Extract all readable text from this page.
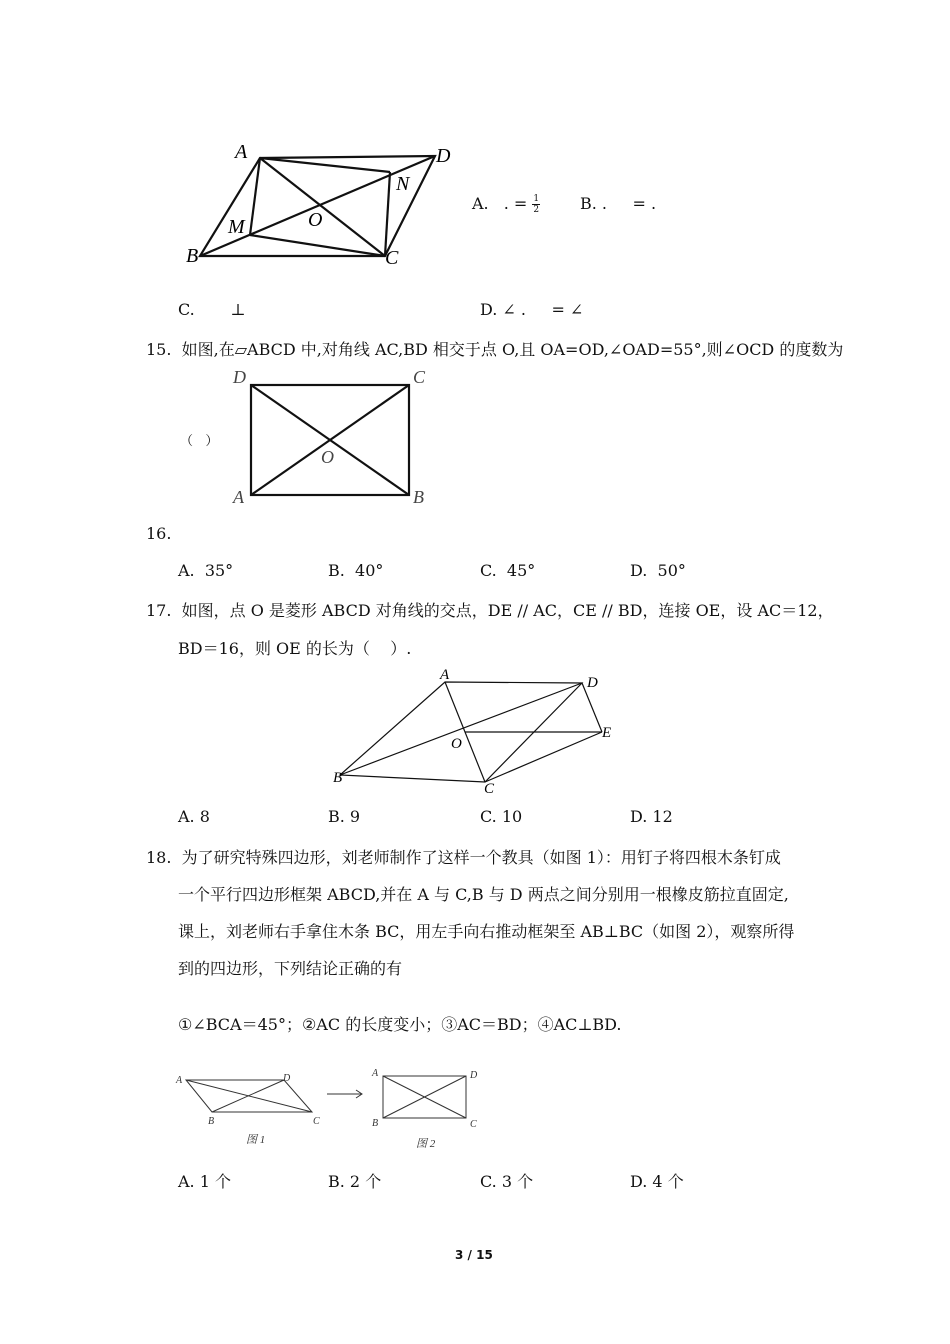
A	D
N
O
M
B	C
A. . = $\frac{1}{2} B$. .     = .
C.       ⊥	D. ∠ .     = ∠
15.  如图,在▱ABCD 中,对角线 AC,BD 相交于点 O,且 OA=OD,∠OAD=55°,则∠OCD 的度数为
（   ）
D	C
O
A	B
16.
A.  35°	B.  40°	C.  45°	D.  50°
17.  如图，点 O 是菱形 ABCD 对角线的交点，DE // AC，CE // BD，连接 OE，设 AC＝12，
BD＝16，则 OE 的长为（    ）.
A	D
O
E
B
C
A. 8	B. 9	C. 10	D. 12
18.  为了研究特殊四边形，刘老师制作了这样一个教具（如图 1）：用钉子将四根木条钉成
一个平行四边形框架 ABCD,并在 A 与 C,B 与 D 两点之间分别用一根橡皮筋拉直固定,
课上，刘老师右手拿住木条 BC，用左手向右推动框架至 AB⊥BC（如图 2），观察所得
到的四边形，下列结论正确的有
①∠BCA＝45°；②AC 的长度变小；③AC＝BD；④AC⊥BD.
A	D
B	C
A	D
B	C
图 1	图 2
A. 1 个	B. 2 个	C. 3 个	D. 4 个
3 / 15
